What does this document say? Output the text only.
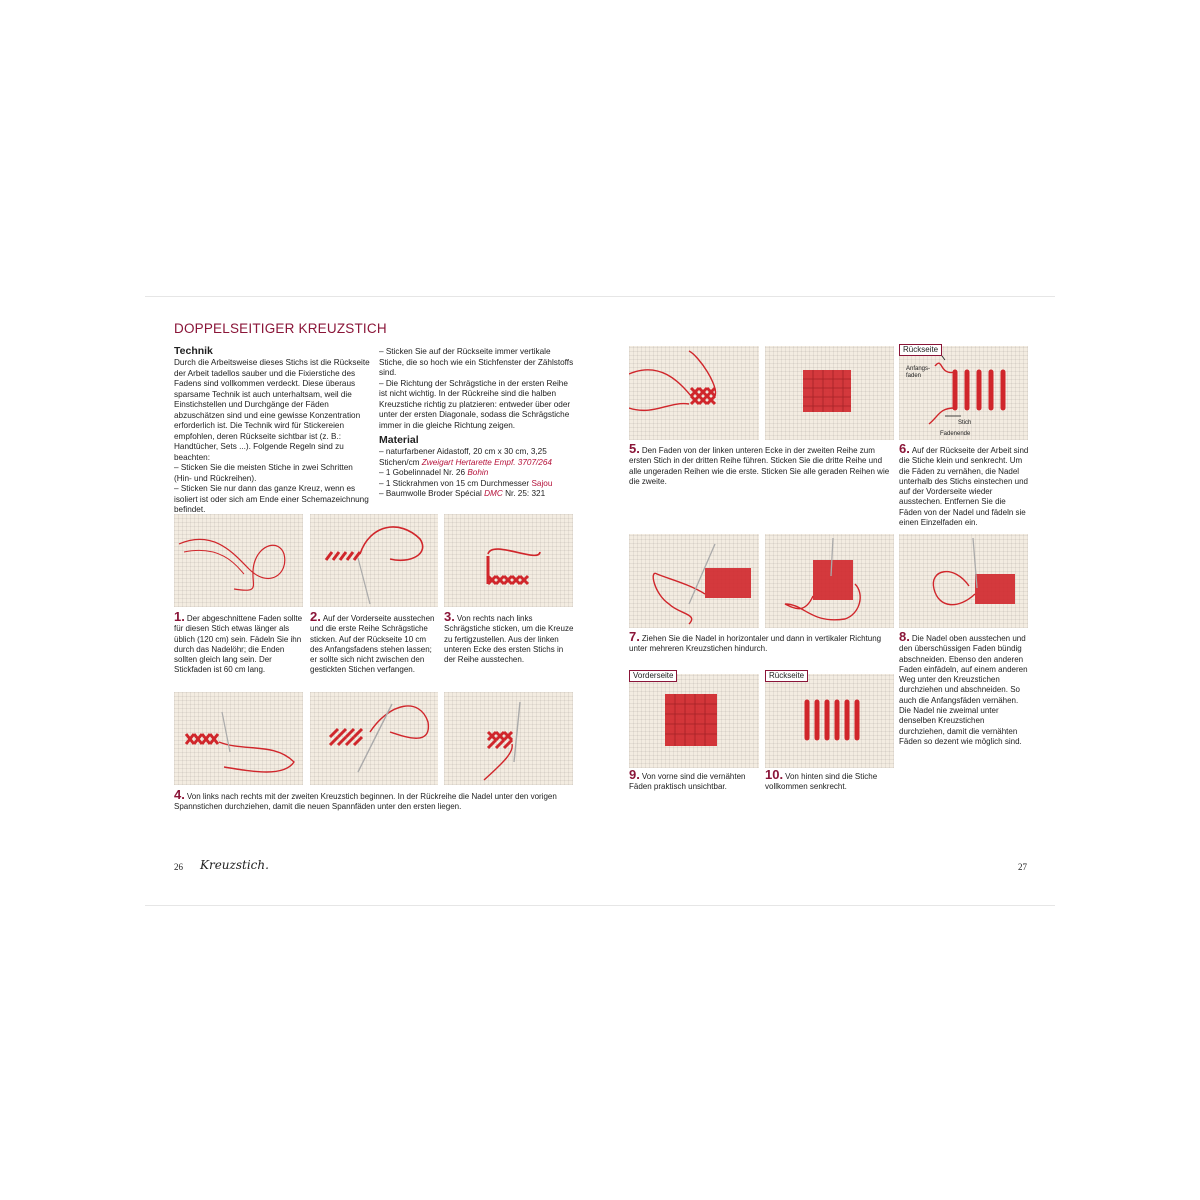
DOPPELSEITIGER KREUZSTICH
Technik

Durch die Arbeitsweise dieses Stichs ist die Rückseite der Arbeit tadellos sauber und die Fixierstiche des Fadens sind vollkommen verdeckt. Diese überaus sparsame Technik ist auch unterhaltsam, weil die Einstichstellen und Durchgänge der Fäden abzuschätzen sind und eine gewisse Konzentration erforderlich ist. Die Technik wird für Stickereien empfohlen, deren Rückseite sichtbar ist (z. B.: Handtücher, Sets ...). Folgende Regeln sind zu beachten:

– Sticken Sie die meisten Stiche in zwei Schritten (Hin- und Rückreihen).

– Sticken Sie nur dann das ganze Kreuz, wenn es isoliert ist oder sich am Ende einer Schemazeichnung befindet.

– Sticken Sie auf der Rückseite immer vertikale Stiche, die so hoch wie ein Stichfenster der Zählstoffs sind.

– Die Richtung der Schrägstiche in der ersten Reihe ist nicht wichtig. In der Rückreihe sind die halben Kreuzstiche richtig zu platzieren: entweder über oder unter der ersten Diagonale, sodass die Schrägstiche immer in die gleiche Richtung zeigen.

Material

– naturfarbener Aidastoff, 20 cm x 30 cm, 3,25 Stichen/cm Zweigart Hertarette Empf. 3707/264

– 1 Gobelinnadel Nr. 26 Bohin

– 1 Stickrahmen von 15 cm Durchmesser Sajou

– Baumwolle Broder Spécial DMC Nr. 25: 321

1. Der abgeschnittene Faden sollte für diesen Stich etwas länger als üblich (120 cm) sein. Fädeln Sie ihn durch das Nadelöhr; die Enden sollten gleich lang sein. Der Stickfaden ist 60 cm lang.
2. Auf der Vorderseite ausstechen und die erste Reihe Schrägstiche sticken. Auf der Rückseite 10 cm des Anfangsfadens stehen lassen; er sollte sich nicht zwischen den gestickten Stichen verfangen.
3. Von rechts nach links Schrägstiche sticken, um die Kreuze zu fertigzustellen. Aus der linken unteren Ecke des ersten Stichs in der Reihe ausstechen.
4. Von links nach rechts mit der zweiten Kreuzstich beginnen. In der Rückreihe die Nadel unter den vorigen Spannstichen durchziehen, damit die neuen Spannfäden unter den ersten liegen.
26 Kreuzstich.
Rückseite
Anfangs-
faden
Stich
Fadenende
5. Den Faden von der linken unteren Ecke in der zweiten Reihe zum ersten Stich in der dritten Reihe führen. Sticken Sie die dritte Reihe und alle ungeraden Reihen wie die erste. Sticken Sie alle geraden Reihen wie die zweite.
6. Auf der Rückseite der Arbeit sind die Stiche klein und senkrecht. Um die Fäden zu vernähen, die Nadel unterhalb des Stichs einstechen und auf der Vorderseite wieder ausstechen. Entfernen Sie die Fäden von der Nadel und fädeln sie einen Einzelfaden ein.
7. Ziehen Sie die Nadel in horizontaler und dann in vertikaler Richtung unter mehreren Kreuzstichen hindurch.
8. Die Nadel oben ausstechen und den überschüssigen Faden bündig abschneiden. Ebenso den anderen Faden einfädeln, auf einem anderen Weg unter den Kreuzstichen durchziehen und abschneiden. So auch die Anfangsfäden vernähen. Die Nadel nie zweimal unter denselben Kreuzstichen durchziehen, damit die vernähten Fäden so dezent wie möglich sind.
Vorderseite	Rückseite
9. Von vorne sind die vernähten Fäden praktisch unsichtbar.
10. Von hinten sind die Stiche vollkommen senkrecht.
27
